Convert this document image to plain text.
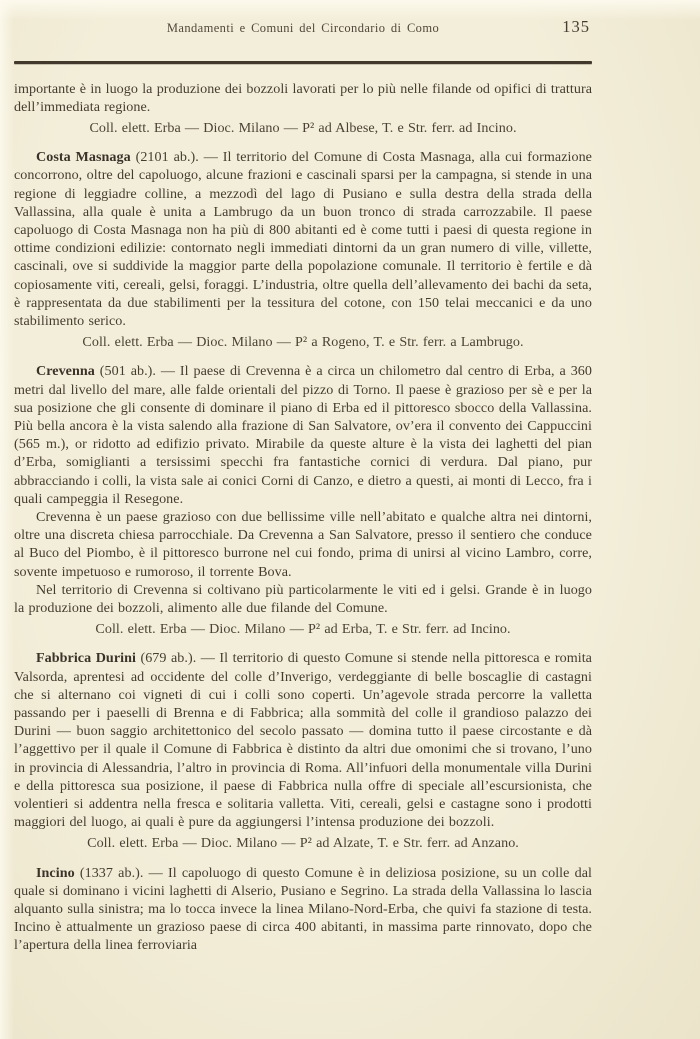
Mandamenti e Comuni del Circondario di Como	135

importante è in luogo la produzione dei bozzoli lavorati per lo più nelle filande od opifici di trattura dell’immediata regione.

Coll. elett. Erba — Dioc. Milano — P² ad Albese, T. e Str. ferr. ad Incino.

Costa Masnaga (2101 ab.). — Il territorio del Comune di Costa Masnaga, alla cui formazione concorrono, oltre del capoluogo, alcune frazioni e cascinali sparsi per la campagna, si stende in una regione di leggiadre colline, a mezzodì del lago di Pusiano e sulla destra della strada della Vallassina, alla quale è unita a Lambrugo da un buon tronco di strada carrozzabile. Il paese capoluogo di Costa Masnaga non ha più di 800 abitanti ed è come tutti i paesi di questa regione in ottime condizioni edilizie: contornato negli immediati dintorni da un gran numero di ville, villette, cascinali, ove si suddivide la maggior parte della popolazione comunale. Il territorio è fertile e dà copiosamente viti, cereali, gelsi, foraggi. L’industria, oltre quella dell’allevamento dei bachi da seta, è rappresentata da due stabilimenti per la tessitura del cotone, con 150 telai meccanici e da uno stabilimento serico.

Coll. elett. Erba — Dioc. Milano — P² a Rogeno, T. e Str. ferr. a Lambrugo.

Crevenna (501 ab.). — Il paese di Crevenna è a circa un chilometro dal centro di Erba, a 360 metri dal livello del mare, alle falde orientali del pizzo di Torno. Il paese è grazioso per sè e per la sua posizione che gli consente di dominare il piano di Erba ed il pittoresco sbocco della Vallassina. Più bella ancora è la vista salendo alla frazione di San Salvatore, ov’era il convento dei Cappuccini (565 m.), or ridotto ad edifizio privato. Mirabile da queste alture è la vista dei laghetti del pian d’Erba, somiglianti a tersissimi specchi fra fantastiche cornici di verdura. Dal piano, pur abbracciando i colli, la vista sale ai conici Corni di Canzo, e dietro a questi, ai monti di Lecco, fra i quali campeggia il Resegone.

Crevenna è un paese grazioso con due bellissime ville nell’abitato e qualche altra nei dintorni, oltre una discreta chiesa parrocchiale. Da Crevenna a San Salvatore, presso il sentiero che conduce al Buco del Piombo, è il pittoresco burrone nel cui fondo, prima di unirsi al vicino Lambro, corre, sovente impetuoso e rumoroso, il torrente Bova.

Nel territorio di Crevenna si coltivano più particolarmente le viti ed i gelsi. Grande è in luogo la produzione dei bozzoli, alimento alle due filande del Comune.

Coll. elett. Erba — Dioc. Milano — P² ad Erba, T. e Str. ferr. ad Incino.

Fabbrica Durini (679 ab.). — Il territorio di questo Comune si stende nella pittoresca e romita Valsorda, aprentesi ad occidente del colle d’Inverigo, verdeggiante di belle boscaglie di castagni che si alternano coi vigneti di cui i colli sono coperti. Un’agevole strada percorre la valletta passando per i paeselli di Brenna e di Fabbrica; alla sommità del colle il grandioso palazzo dei Durini — buon saggio architettonico del secolo passato — domina tutto il paese circostante e dà l’aggettivo per il quale il Comune di Fabbrica è distinto da altri due omonimi che si trovano, l’uno in provincia di Alessandria, l’altro in provincia di Roma. All’infuori della monumentale villa Durini e della pittoresca sua posizione, il paese di Fabbrica nulla offre di speciale all’escursionista, che volentieri si addentra nella fresca e solitaria valletta. Viti, cereali, gelsi e castagne sono i prodotti maggiori del luogo, ai quali è pure da aggiungersi l’intensa produzione dei bozzoli.

Coll. elett. Erba — Dioc. Milano — P² ad Alzate, T. e Str. ferr. ad Anzano.

Incino (1337 ab.). — Il capoluogo di questo Comune è in deliziosa posizione, su un colle dal quale si dominano i vicini laghetti di Alserio, Pusiano e Segrino. La strada della Vallassina lo lascia alquanto sulla sinistra; ma lo tocca invece la linea Milano-Nord-Erba, che quivi fa stazione di testa. Incino è attualmente un grazioso paese di circa 400 abitanti, in massima parte rinnovato, dopo che l’apertura della linea ferroviaria
